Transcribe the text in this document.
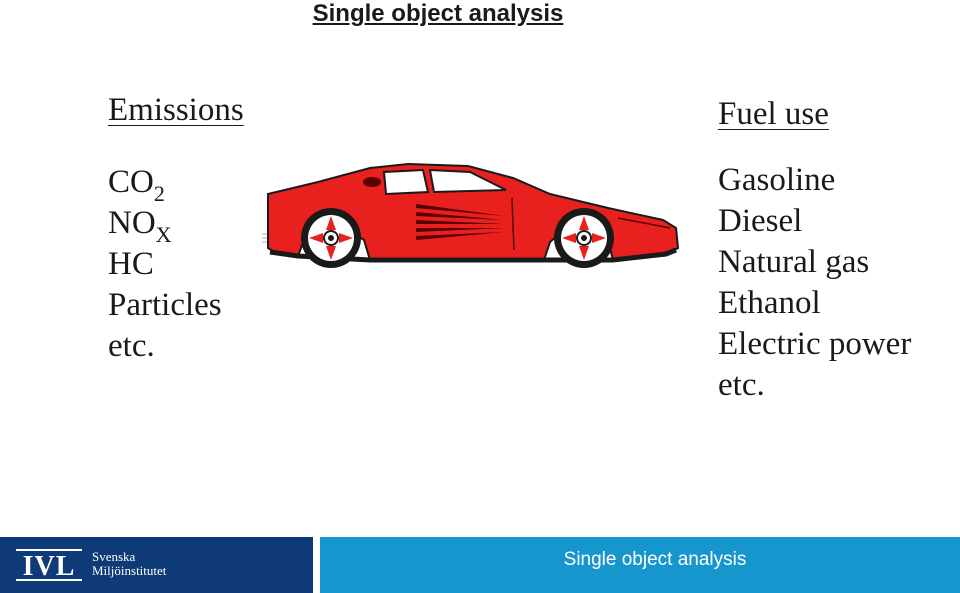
Single object analysis
Emissions
$CO_2$
$NO_X$
HC
Particles
etc.
Fuel use
Gasoline
Diesel
Natural gas
Ethanol
Electric power
etc.
IVL Svenska
Miljöinstitutet
Single object analysis
